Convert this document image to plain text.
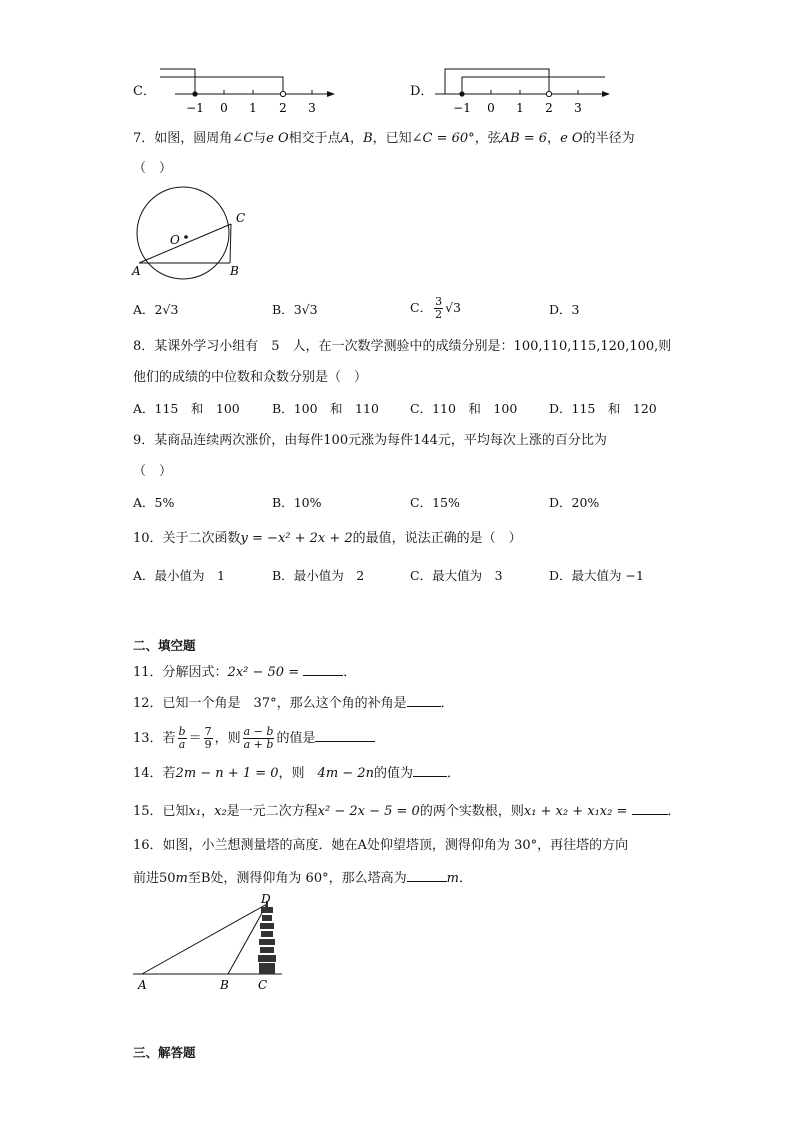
C．
−1 0 1 2 3
D．
−1 0 1 2 3
7．如图，圆周角∠C与e O相交于点A，B，已知∠C = 60°，弦AB = 6，e O的半径为
（　）
O
A	B
C
A．2√3	B．3√3	C． $\frac{3}{2} √3$	D．3
8．某课外学习小组有　5　人，在一次数学测验中的成绩分别是：100,110,115,120,100,则
他们的成绩的中位数和众数分别是（　）
A．115　和　100	B．100　和　110 C．110　和　100	D．115　和　120
9．某商品连续两次涨价，由每件100元涨为每件144元，平均每次上涨的百分比为
（　）
A．5%	B．10%	C．15%	D．20%
10．关于二次函数y = −x² + 2x + 2的最值，说法正确的是（　）
A．最小值为　1	B．最小值为　2	C．最大值为　3	D．最大值为 −1
二、填空题
11．分解因式：2x² − 50 =	．
12．已知一个角是　37°，那么这个角的补角是	．
13．若 $\frac{b}{a} = \frac{7}{9}$ ，则 $\frac{a - b}{a + b}$ 的值是
14．若2m − n + 1 = 0，则　4m − 2n的值为	．
15．已知x₁，x₂是一元二次方程x² − 2x − 5 = 0的两个实数根，则x₁ + x₂ + x₁x₂ =	．
16．如图，小兰想测量塔的高度．她在A处仰望塔顶，测得仰角为 30°，再往塔的方向
前进50m至B处，测得仰角为 60°，那么塔高为	m．
A	B C
D
三、解答题
